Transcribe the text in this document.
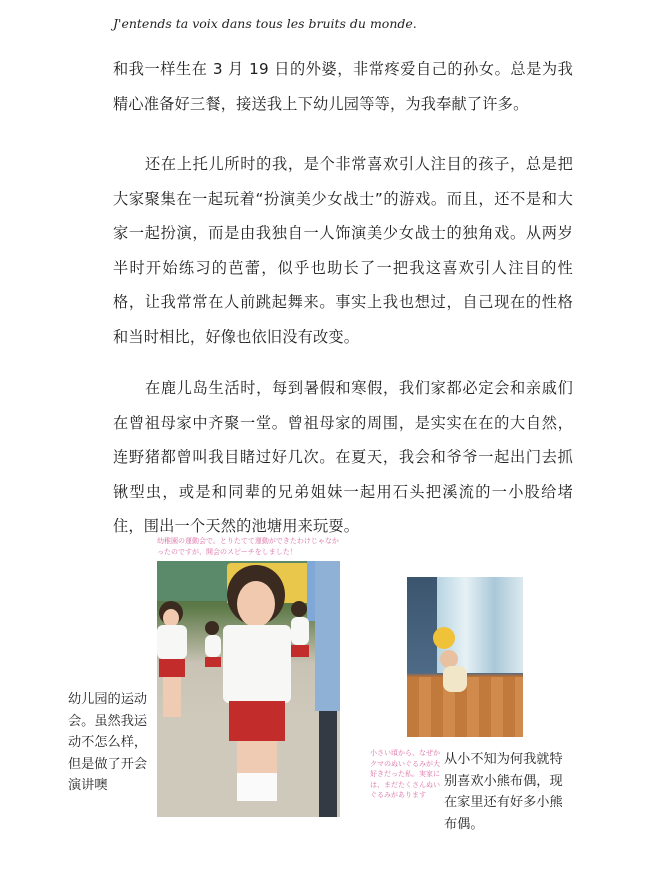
J'entends ta voix dans tous les bruits du monde.

和我一样生在 3 月 19 日的外婆，非常疼爱自己的孙女。总是为我精心准备好三餐，接送我上下幼儿园等等，为我奉献了许多。

还在上托儿所时的我，是个非常喜欢引人注目的孩子，总是把大家聚集在一起玩着“扮演美少女战士”的游戏。而且，还不是和大家一起扮演，而是由我独自一人饰演美少女战士的独角戏。从两岁半时开始练习的芭蕾，似乎也助长了一把我这喜欢引人注目的性格，让我常常在人前跳起舞来。事实上我也想过，自己现在的性格和当时相比，好像也依旧没有改变。

在鹿儿岛生活时，每到暑假和寒假，我们家都必定会和亲戚们在曾祖母家中齐聚一堂。曾祖母家的周围，是实实在在的大自然，连野猪都曾叫我目睹过好几次。在夏天，我会和爷爷一起出门去抓锹型虫，或是和同辈的兄弟姐妹一起用石头把溪流的一小股给堵住，围出一个天然的池塘用来玩耍。

幼稚園の運動会で。とりたてて運動ができたわけじゃなかったのですが、開会のスピーチをしました！
幼儿园的运动会。虽然我运动不怎么样，但是做了开会演讲噢
小さい頃から、なぜかクマのぬいぐるみが大好きだった私。実家には、まだたくさんぬいぐるみがあります
从小不知为何我就特别喜欢小熊布偶，现在家里还有好多小熊布偶。
